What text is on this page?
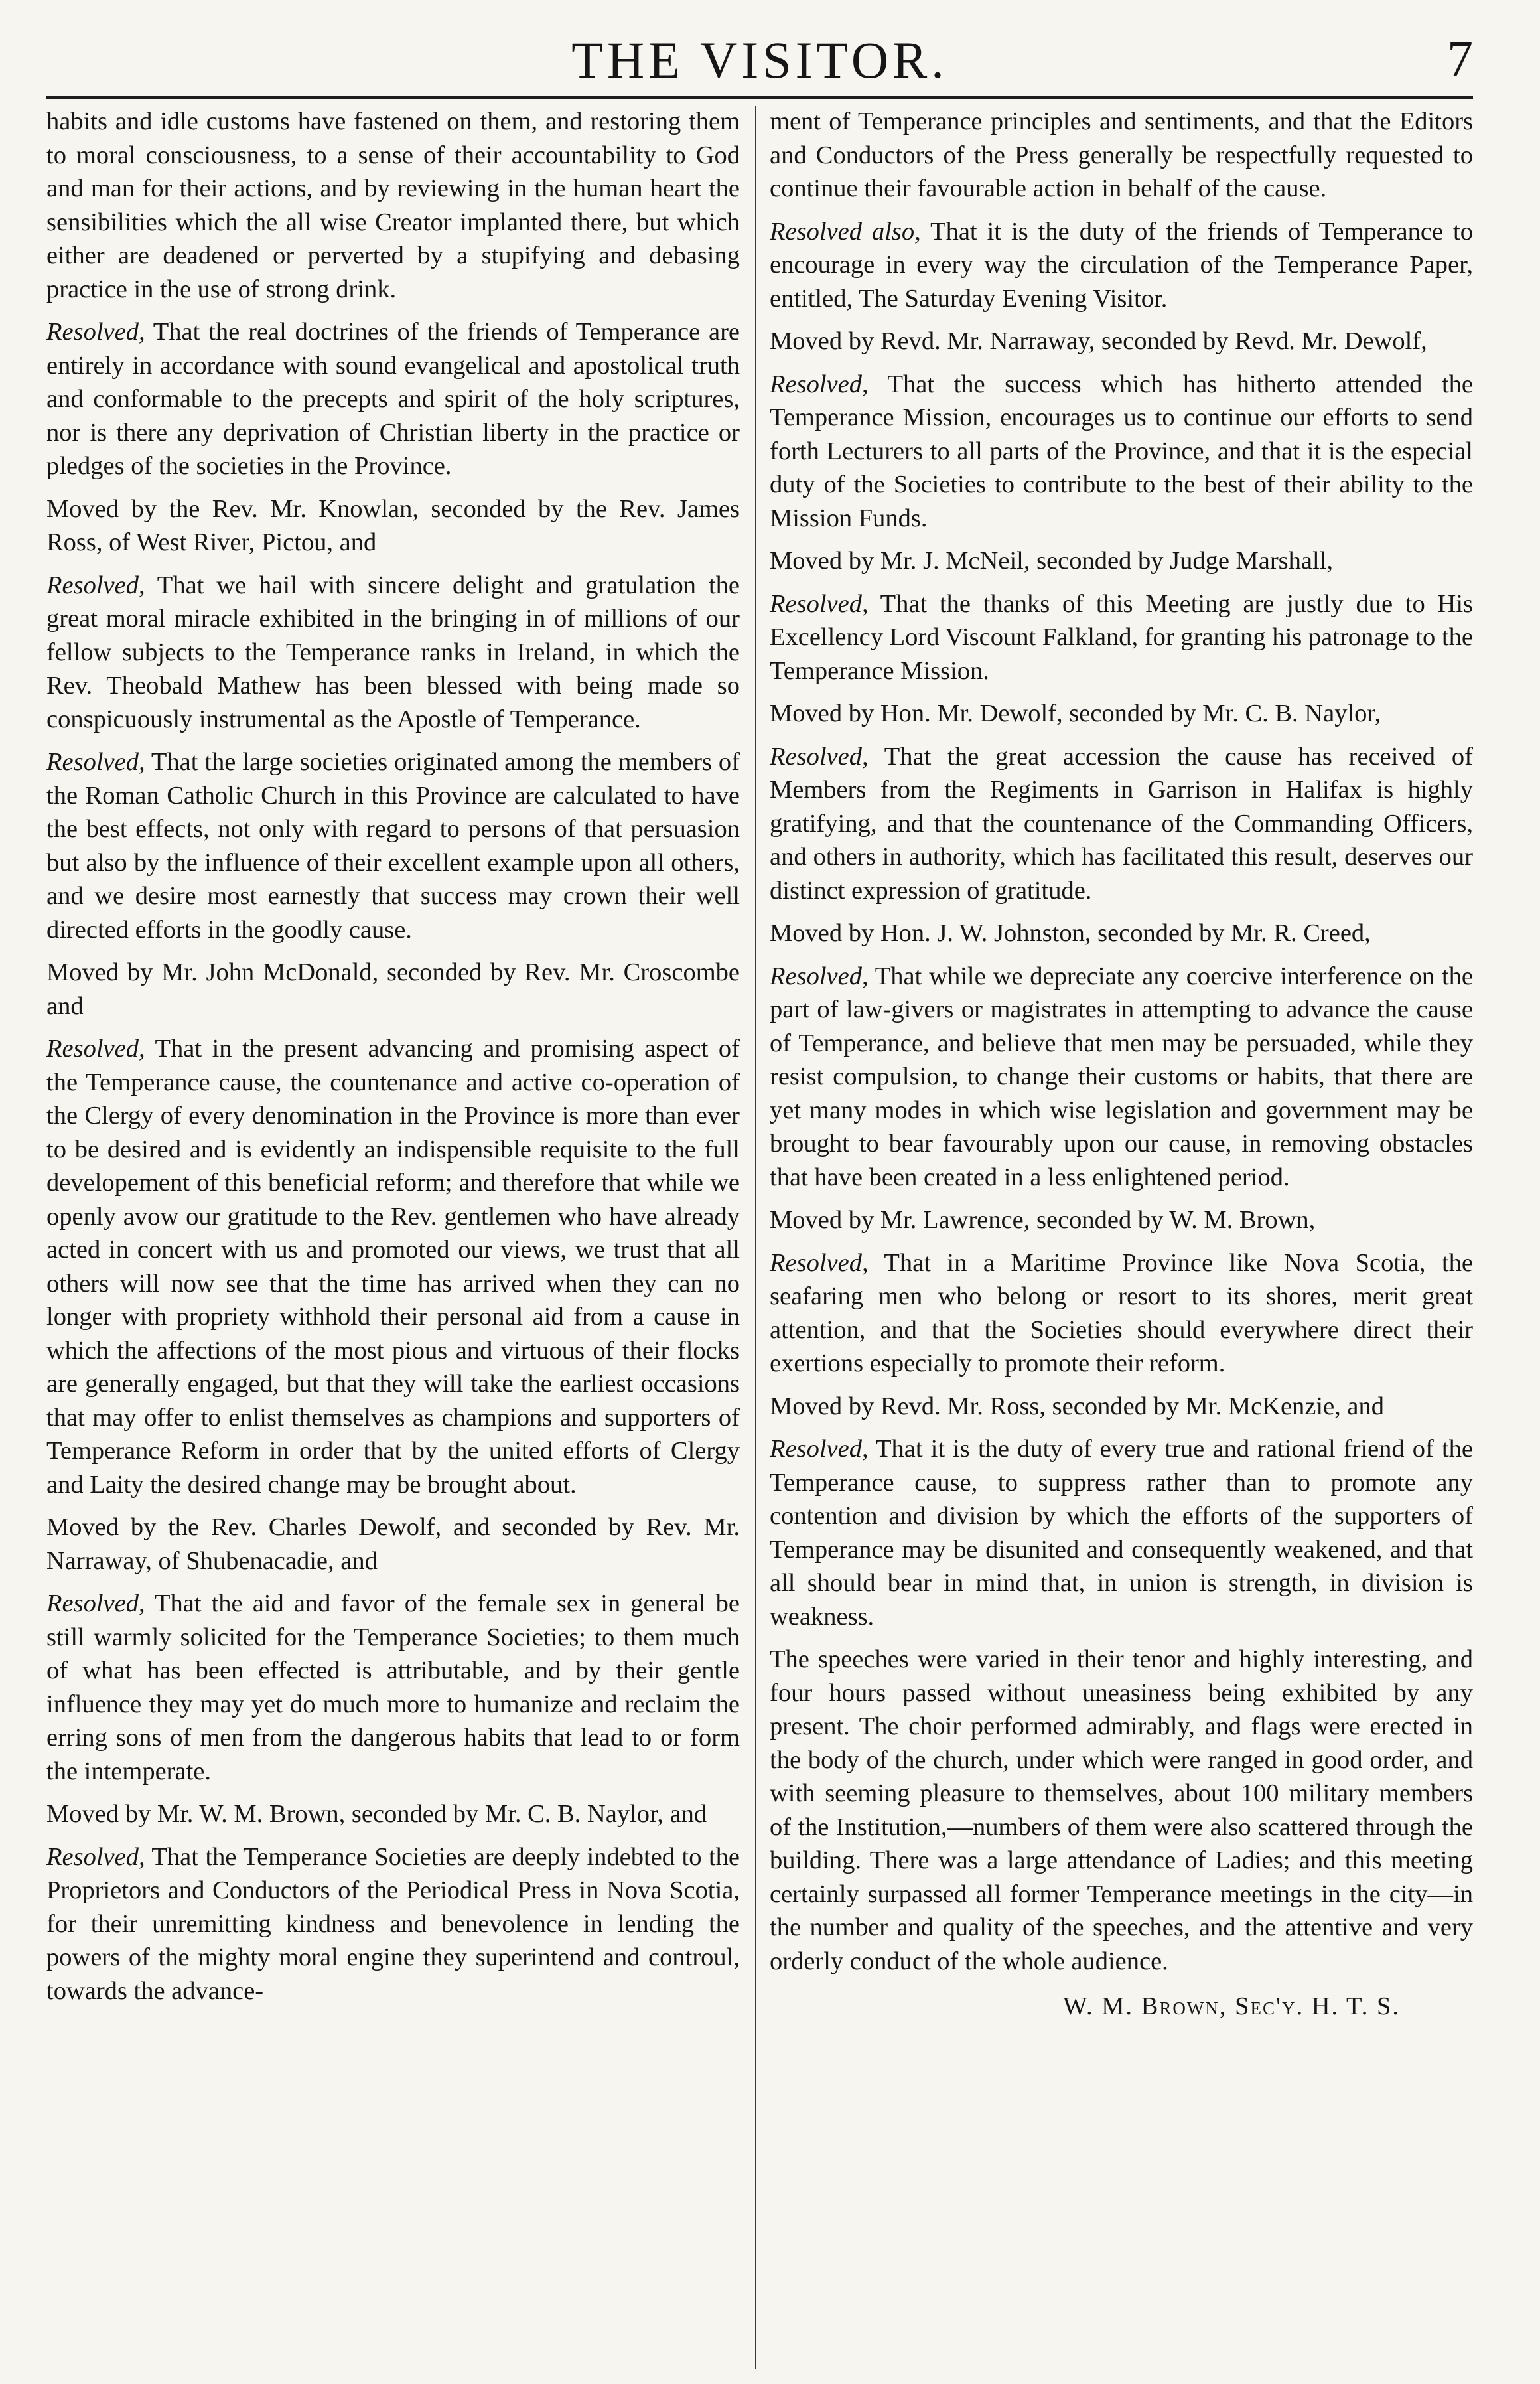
THE VISITOR.	7

habits and idle customs have fastened on them, and restoring them to moral consciousness, to a sense of their accountability to God and man for their actions, and by reviewing in the human heart the sensibilities which the all wise Creator implanted there, but which either are deadened or perverted by a stupifying and debasing practice in the use of strong drink.

Resolved, That the real doctrines of the friends of Temperance are entirely in accordance with sound evangelical and apostolical truth and conformable to the precepts and spirit of the holy scriptures, nor is there any deprivation of Christian liberty in the practice or pledges of the societies in the Province.

Moved by the Rev. Mr. Knowlan, seconded by the Rev. James Ross, of West River, Pictou, and

Resolved, That we hail with sincere delight and gratulation the great moral miracle exhibited in the bringing in of millions of our fellow subjects to the Temperance ranks in Ireland, in which the Rev. Theobald Mathew has been blessed with being made so conspicuously instrumental as the Apostle of Temperance.

Resolved, That the large societies originated among the members of the Roman Catholic Church in this Province are calculated to have the best effects, not only with regard to persons of that persuasion but also by the influence of their excellent example upon all others, and we desire most earnestly that success may crown their well directed efforts in the goodly cause.

Moved by Mr. John McDonald, seconded by Rev. Mr. Croscombe and

Resolved, That in the present advancing and promising aspect of the Temperance cause, the countenance and active co-operation of the Clergy of every denomination in the Province is more than ever to be desired and is evidently an indispensible requisite to the full developement of this beneficial reform; and therefore that while we openly avow our gratitude to the Rev. gentlemen who have already acted in concert with us and promoted our views, we trust that all others will now see that the time has arrived when they can no longer with propriety withhold their personal aid from a cause in which the affections of the most pious and virtuous of their flocks are generally engaged, but that they will take the earliest occasions that may offer to enlist themselves as champions and supporters of Temperance Reform in order that by the united efforts of Clergy and Laity the desired change may be brought about.

Moved by the Rev. Charles Dewolf, and seconded by Rev. Mr. Narraway, of Shubenacadie, and

Resolved, That the aid and favor of the female sex in general be still warmly solicited for the Temperance Societies; to them much of what has been effected is attributable, and by their gentle influence they may yet do much more to humanize and reclaim the erring sons of men from the dangerous habits that lead to or form the intemperate.

Moved by Mr. W. M. Brown, seconded by Mr. C. B. Naylor, and

Resolved, That the Temperance Societies are deeply indebted to the Proprietors and Conductors of the Periodical Press in Nova Scotia, for their unremitting kindness and benevolence in lending the powers of the mighty moral engine they superintend and controul, towards the advance-

ment of Temperance principles and sentiments, and that the Editors and Conductors of the Press generally be respectfully requested to continue their favourable action in behalf of the cause.

Resolved also, That it is the duty of the friends of Temperance to encourage in every way the circulation of the Temperance Paper, entitled, The Saturday Evening Visitor.

Moved by Revd. Mr. Narraway, seconded by Revd. Mr. Dewolf,

Resolved, That the success which has hitherto attended the Temperance Mission, encourages us to continue our efforts to send forth Lecturers to all parts of the Province, and that it is the especial duty of the Societies to contribute to the best of their ability to the Mission Funds.

Moved by Mr. J. McNeil, seconded by Judge Marshall,

Resolved, That the thanks of this Meeting are justly due to His Excellency Lord Viscount Falkland, for granting his patronage to the Temperance Mission.

Moved by Hon. Mr. Dewolf, seconded by Mr. C. B. Naylor,

Resolved, That the great accession the cause has received of Members from the Regiments in Garrison in Halifax is highly gratifying, and that the countenance of the Commanding Officers, and others in authority, which has facilitated this result, deserves our distinct expression of gratitude.

Moved by Hon. J. W. Johnston, seconded by Mr. R. Creed,

Resolved, That while we depreciate any coercive interference on the part of law-givers or magistrates in attempting to advance the cause of Temperance, and believe that men may be persuaded, while they resist compulsion, to change their customs or habits, that there are yet many modes in which wise legislation and government may be brought to bear favourably upon our cause, in removing obstacles that have been created in a less enlightened period.

Moved by Mr. Lawrence, seconded by W. M. Brown,

Resolved, That in a Maritime Province like Nova Scotia, the seafaring men who belong or resort to its shores, merit great attention, and that the Societies should everywhere direct their exertions especially to promote their reform.

Moved by Revd. Mr. Ross, seconded by Mr. McKenzie, and

Resolved, That it is the duty of every true and rational friend of the Temperance cause, to suppress rather than to promote any contention and division by which the efforts of the supporters of Temperance may be disunited and consequently weakened, and that all should bear in mind that, in union is strength, in division is weakness.

The speeches were varied in their tenor and highly interesting, and four hours passed without uneasiness being exhibited by any present. The choir performed admirably, and flags were erected in the body of the church, under which were ranged in good order, and with seeming pleasure to themselves, about 100 military members of the Institution,—numbers of them were also scattered through the building. There was a large attendance of Ladies; and this meeting certainly surpassed all former Temperance meetings in the city—in the number and quality of the speeches, and the attentive and very orderly conduct of the whole audience.

W. M. Brown, Sec'y. H. T. S.
